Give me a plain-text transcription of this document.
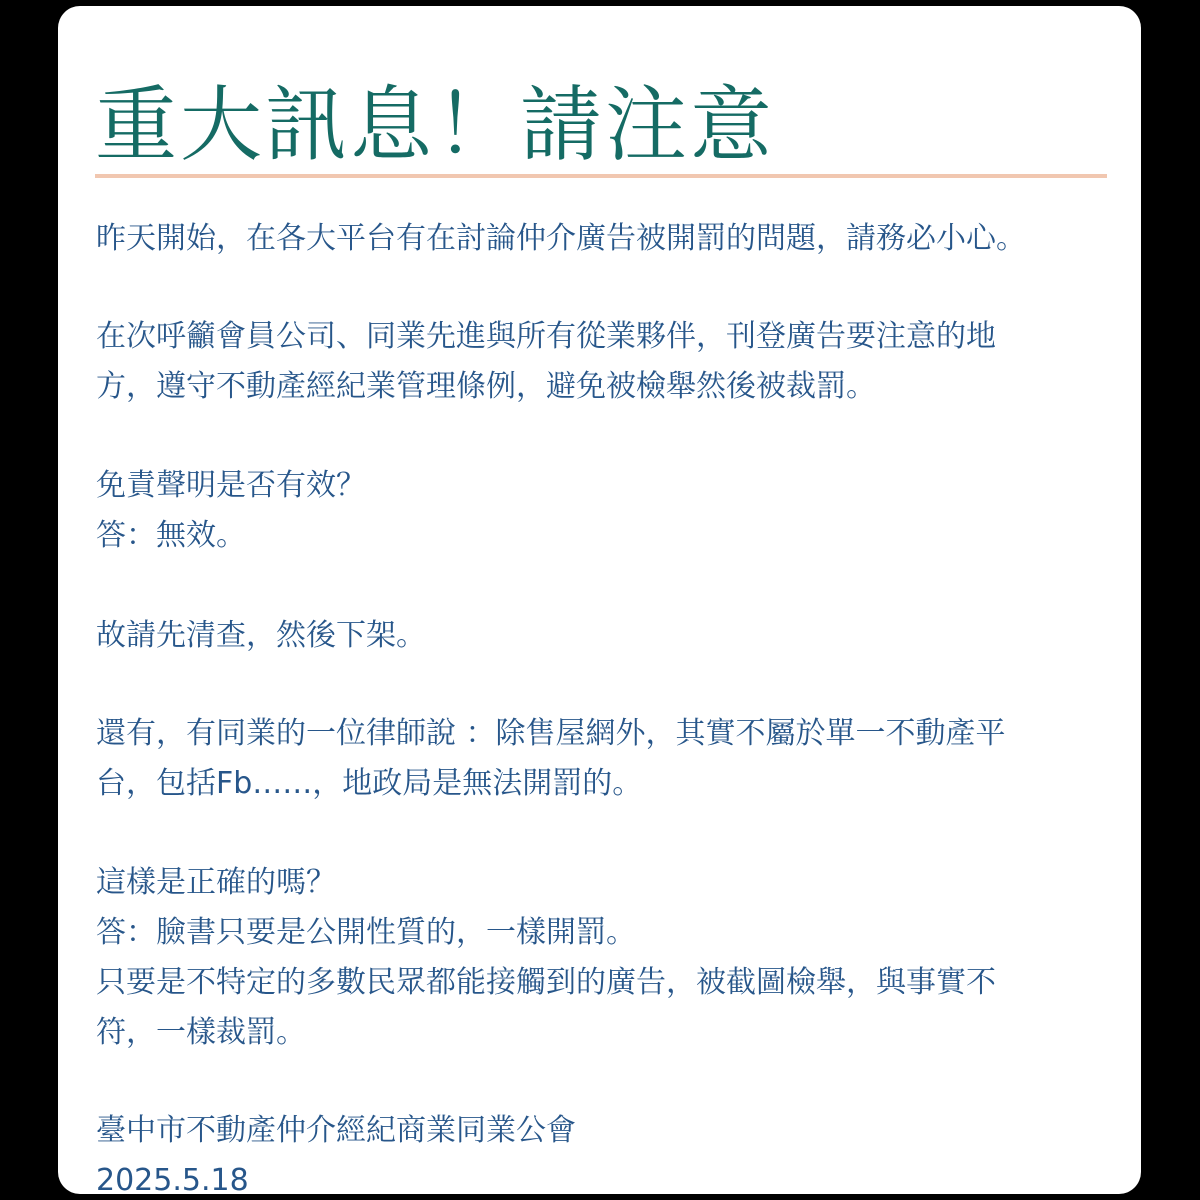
重大訊息！請注意
昨天開始，在各大平台有在討論仲介廣告被開罰的問題，請務必小心。
在次呼籲會員公司、同業先進與所有從業夥伴，刊登廣告要注意的地
方，遵守不動產經紀業管理條例，避免被檢舉然後被裁罰。
免責聲明是否有效？
答：無效。
故請先清查，然後下架。
還有，有同業的一位律師說 ：除售屋網外，其實不屬於單一不動產平
台，包括Fb……，地政局是無法開罰的。
這樣是正確的嗎？
答：臉書只要是公開性質的，一樣開罰。
只要是不特定的多數民眾都能接觸到的廣告，被截圖檢舉，與事實不
符，一樣裁罰。
臺中市不動產仲介經紀商業同業公會
2025.5.18
